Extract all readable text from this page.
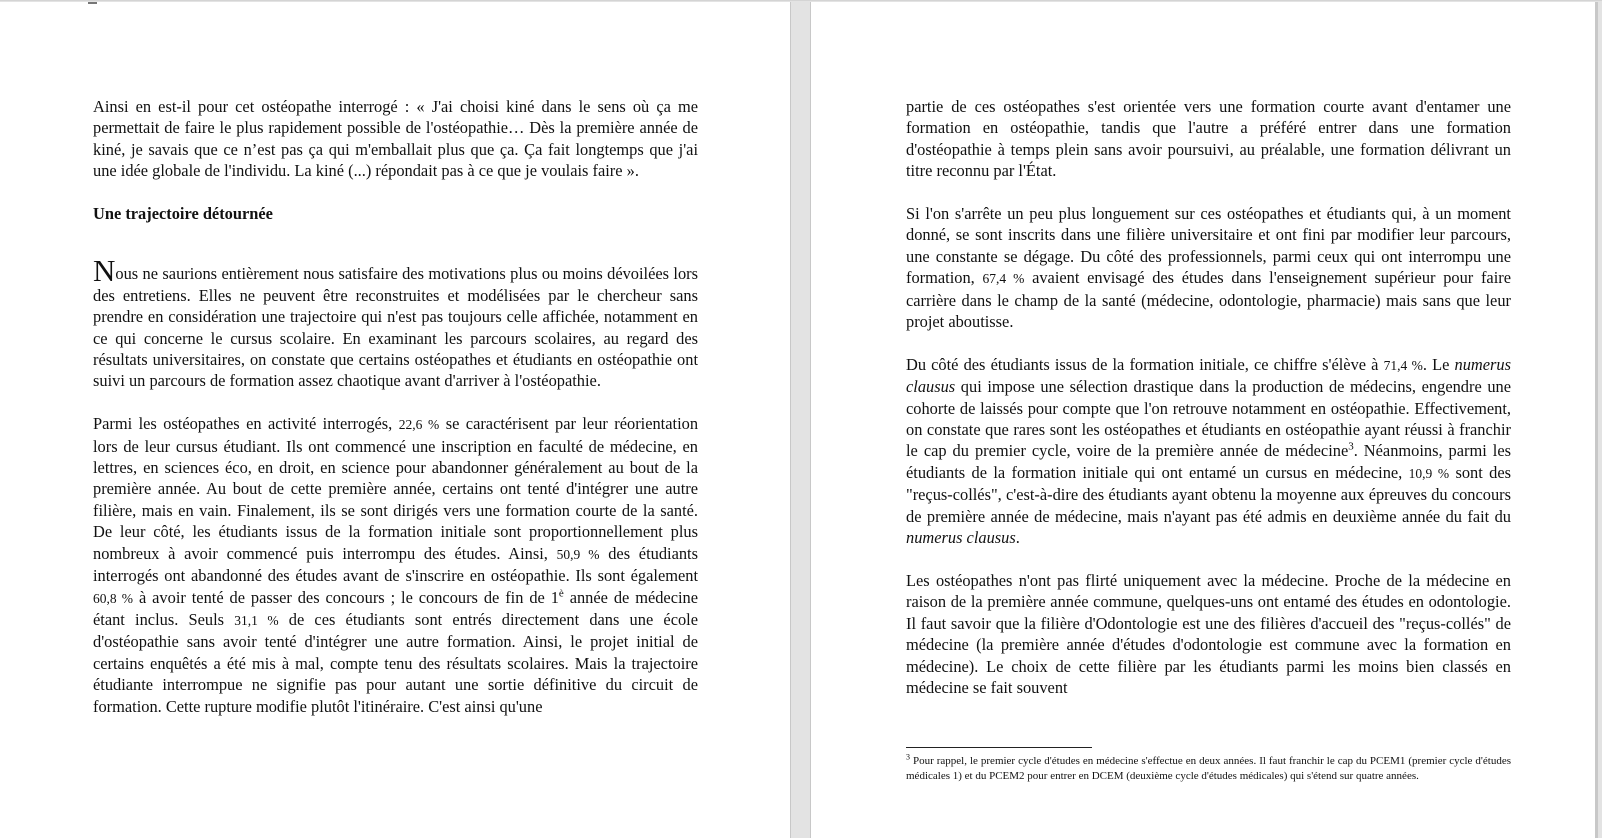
Ainsi en est-il pour cet ostéopathe interrogé : « J'ai choisi kiné dans le sens où ça me permettait de faire le plus rapidement possible de l'ostéopathie… Dès la première année de kiné, je savais que ce n’est pas ça qui m'emballait plus que ça. Ça fait longtemps que j'ai une idée globale de l'individu. La kiné (...) répondait pas à ce que je voulais faire ».

Une trajectoire détournée

Nous ne saurions entièrement nous satisfaire des motivations plus ou moins dévoilées lors des entretiens. Elles ne peuvent être reconstruites et modélisées par le chercheur sans prendre en considération une trajectoire qui n'est pas toujours celle affichée, notamment en ce qui concerne le cursus scolaire. En examinant les parcours scolaires, au regard des résultats universitaires, on constate que certains ostéopathes et étudiants en ostéopathie ont suivi un parcours de formation assez chaotique avant d'arriver à l'ostéopathie.

Parmi les ostéopathes en activité interrogés, 22,6 % se caractérisent par leur réorientation lors de leur cursus étudiant. Ils ont commencé une inscription en faculté de médecine, en lettres, en sciences éco, en droit, en science pour abandonner généralement au bout de la première année. Au bout de cette première année, certains ont tenté d'intégrer une autre filière, mais en vain. Finalement, ils se sont dirigés vers une formation courte de la santé. De leur côté, les étudiants issus de la formation initiale sont proportionnellement plus nombreux à avoir commencé puis interrompu des études. Ainsi, 50,9 % des étudiants interrogés ont abandonné des études avant de s'inscrire en ostéopathie. Ils sont également 60,8 % à avoir tenté de passer des concours ; le concours de fin de $1^è$ année de médecine étant inclus. Seuls 31,1 % de ces étudiants sont entrés directement dans une école d'ostéopathie sans avoir tenté d'intégrer une autre formation. Ainsi, le projet initial de certains enquêtés a été mis à mal, compte tenu des résultats scolaires. Mais la trajectoire étudiante interrompue ne signifie pas pour autant une sortie définitive du circuit de formation. Cette rupture modifie plutôt l'itinéraire. C'est ainsi qu'une

partie de ces ostéopathes s'est orientée vers une formation courte avant d'entamer une formation en ostéopathie, tandis que l'autre a préféré entrer dans une formation d'ostéopathie à temps plein sans avoir poursuivi, au préalable, une formation délivrant un titre reconnu par l'État.

Si l'on s'arrête un peu plus longuement sur ces ostéopathes et étudiants qui, à un moment donné, se sont inscrits dans une filière universitaire et ont fini par modifier leur parcours, une constante se dégage. Du côté des professionnels, parmi ceux qui ont interrompu une formation, 67,4 % avaient envisagé des études dans l'enseignement supérieur pour faire carrière dans le champ de la santé (médecine, odontologie, pharmacie) mais sans que leur projet aboutisse.

Du côté des étudiants issus de la formation initiale, ce chiffre s'élève à 71,4 %. Le numerus clausus qui impose une sélection drastique dans la production de médecins, engendre une cohorte de laissés pour compte que l'on retrouve notamment en ostéopathie. Effectivement, on constate que rares sont les ostéopathes et étudiants en ostéopathie ayant réussi à franchir le cap du premier cycle, voire de la première année de médecine$^3$. Néanmoins, parmi les étudiants de la formation initiale qui ont entamé un cursus en médecine, 10,9 % sont des "reçus-collés", c'est-à-dire des étudiants ayant obtenu la moyenne aux épreuves du concours de première année de médecine, mais n'ayant pas été admis en deuxième année du fait du numerus clausus.

Les ostéopathes n'ont pas flirté uniquement avec la médecine. Proche de la médecine en raison de la première année commune, quelques-uns ont entamé des études en odontologie. Il faut savoir que la filière d'Odontologie est une des filières d'accueil des "reçus-collés" de médecine (la première année d'études d'odontologie est commune avec la formation en médecine). Le choix de cette filière par les étudiants parmi les moins bien classés en médecine se fait souvent

$^3$ Pour rappel, le premier cycle d'études en médecine s'effectue en deux années. Il faut franchir le cap du PCEM1 (premier cycle d'études médicales 1) et du PCEM2 pour entrer en DCEM (deuxième cycle d'études médicales) qui s'étend sur quatre années.
